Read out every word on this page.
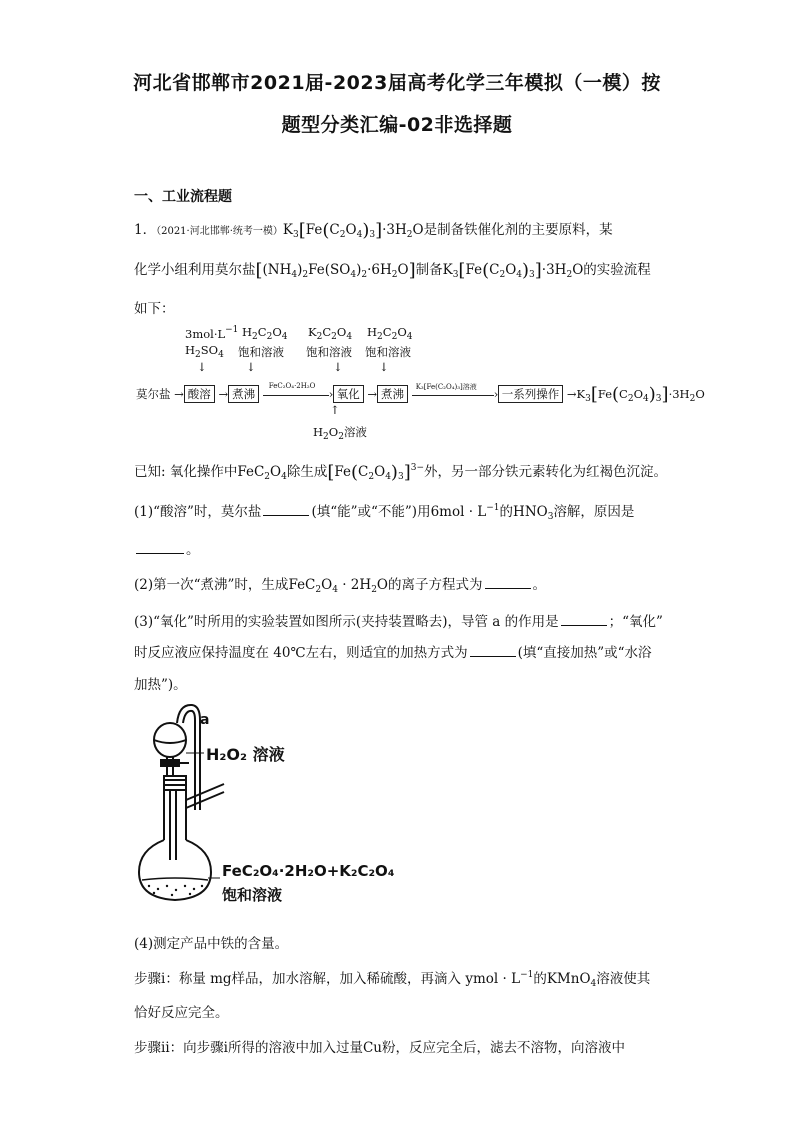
河北省邯郸市2021届-2023届高考化学三年模拟（一模）按
题型分类汇编-02非选择题
一、工业流程题
1．（2021·河北邯郸·统考一模）$K_3[Fe(C_2O_4)_3]\cdot 3H_2O$是制备铁催化剂的主要原料，某
化学小组利用莫尔盐$[(NH_4)_2Fe(SO_4)_2\cdot 6H_2O]$制备$K_3[Fe(C_2O_4)_3]\cdot 3H_2O$的实验流程
如下：
$3mol\cdot L^{-1}$
$H_2SO_4$
↓
$H_2C_2O_4$
饱和溶液
↓
$K_2C_2O_4$
饱和溶液
↓
$H_2C_2O_4$
饱和溶液
↓
莫尔盐 → 酸溶 → 煮沸
FeC₂O₄·2H₂O
› 氧化 → 煮沸 K₃[Fe(C₂O₄)₃]溶液 › 一系列操作 $\to K_3[Fe(C_2O_4)_3]\cdot 3H_2O$
↑
$H_2O_2$溶液
已知: 氧化操作中$FeC_2O_4$除生成$[Fe(C_2O_4)_3]^{3-}$外，另一部分铁元素转化为红褐色沉淀。
(1)“酸溶”时，莫尔盐	(填“能”或“不能”)用$6mol \cdot L^{-1}$的$HNO_3$溶解，原因是
。
(2)第一次“煮沸”时，生成$FeC_2O_4 \cdot 2H_2O$的离子方程式为	。
(3)“氧化”时所用的实验装置如图所示(夹持装置略去)，导管 a 的作用是	；“氧化”
时反应液应保持温度在 40℃左右，则适宜的加热方式为	(填“直接加热”或“水浴
加热”)。
a
H₂O₂ 溶液
FeC₂O₄·2H₂O+K₂C₂O₄
饱和溶液
(4)测定产品中铁的含量。
步骤ⅰ：称量 mg样品，加水溶解，加入稀硫酸，再滴入 ymol · $L^{-1}$的KMnO$_4$溶液使其
恰好反应完全。
步骤ⅱ：向步骤ⅰ所得的溶液中加入过量Cu粉，反应完全后，滤去不溶物，向溶液中
